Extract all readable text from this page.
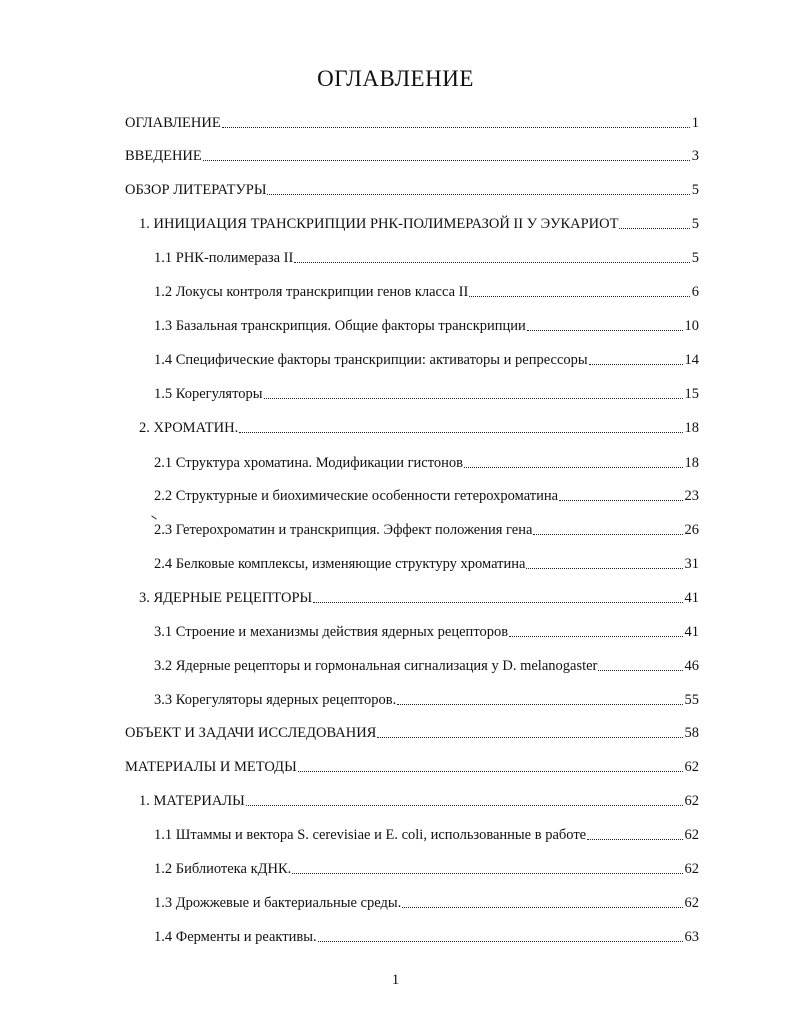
ОГЛАВЛЕНИЕ
ОГЛАВЛЕНИЕ	1
ВВЕДЕНИЕ	3
ОБЗОР ЛИТЕРАТУРЫ	5
1. ИНИЦИАЦИЯ ТРАНСКРИПЦИИ РНК-ПОЛИМЕРАЗОЙ II У ЭУКАРИОТ	5
1.1 РНК-полимераза II	5
1.2 Локусы контроля транскрипции генов класса II	6
1.3 Базальная транскрипция. Общие факторы транскрипции	10
1.4 Специфические факторы транскрипции: активаторы и репрессоры	14
1.5 Корегуляторы	15
2. ХРОМАТИН.	18
2.1 Структура хроматина. Модификации гистонов	18
2.2 Структурные и биохимические особенности гетерохроматина	23
2.3 Гетерохроматин и транскрипция. Эффект положения гена	26
2.4 Белковые комплексы, изменяющие структуру хроматина	31
3. ЯДЕРНЫЕ РЕЦЕПТОРЫ	41
3.1 Строение и механизмы действия ядерных рецепторов	41
3.2 Ядерные рецепторы и гормональная сигнализация у D. melanogaster	46
3.3 Корегуляторы ядерных рецепторов.	55
ОБЪЕКТ И ЗАДАЧИ ИССЛЕДОВАНИЯ	58
МАТЕРИАЛЫ И МЕТОДЫ	62
1. МАТЕРИАЛЫ	62
1.1 Штаммы и вектора S. cerevisiae и E. coli, использованные в работе	62
1.2 Библиотека кДНК.	62
1.3 Дрожжевые и бактериальные среды.	62
1.4 Ферменты и реактивы.	63
1
